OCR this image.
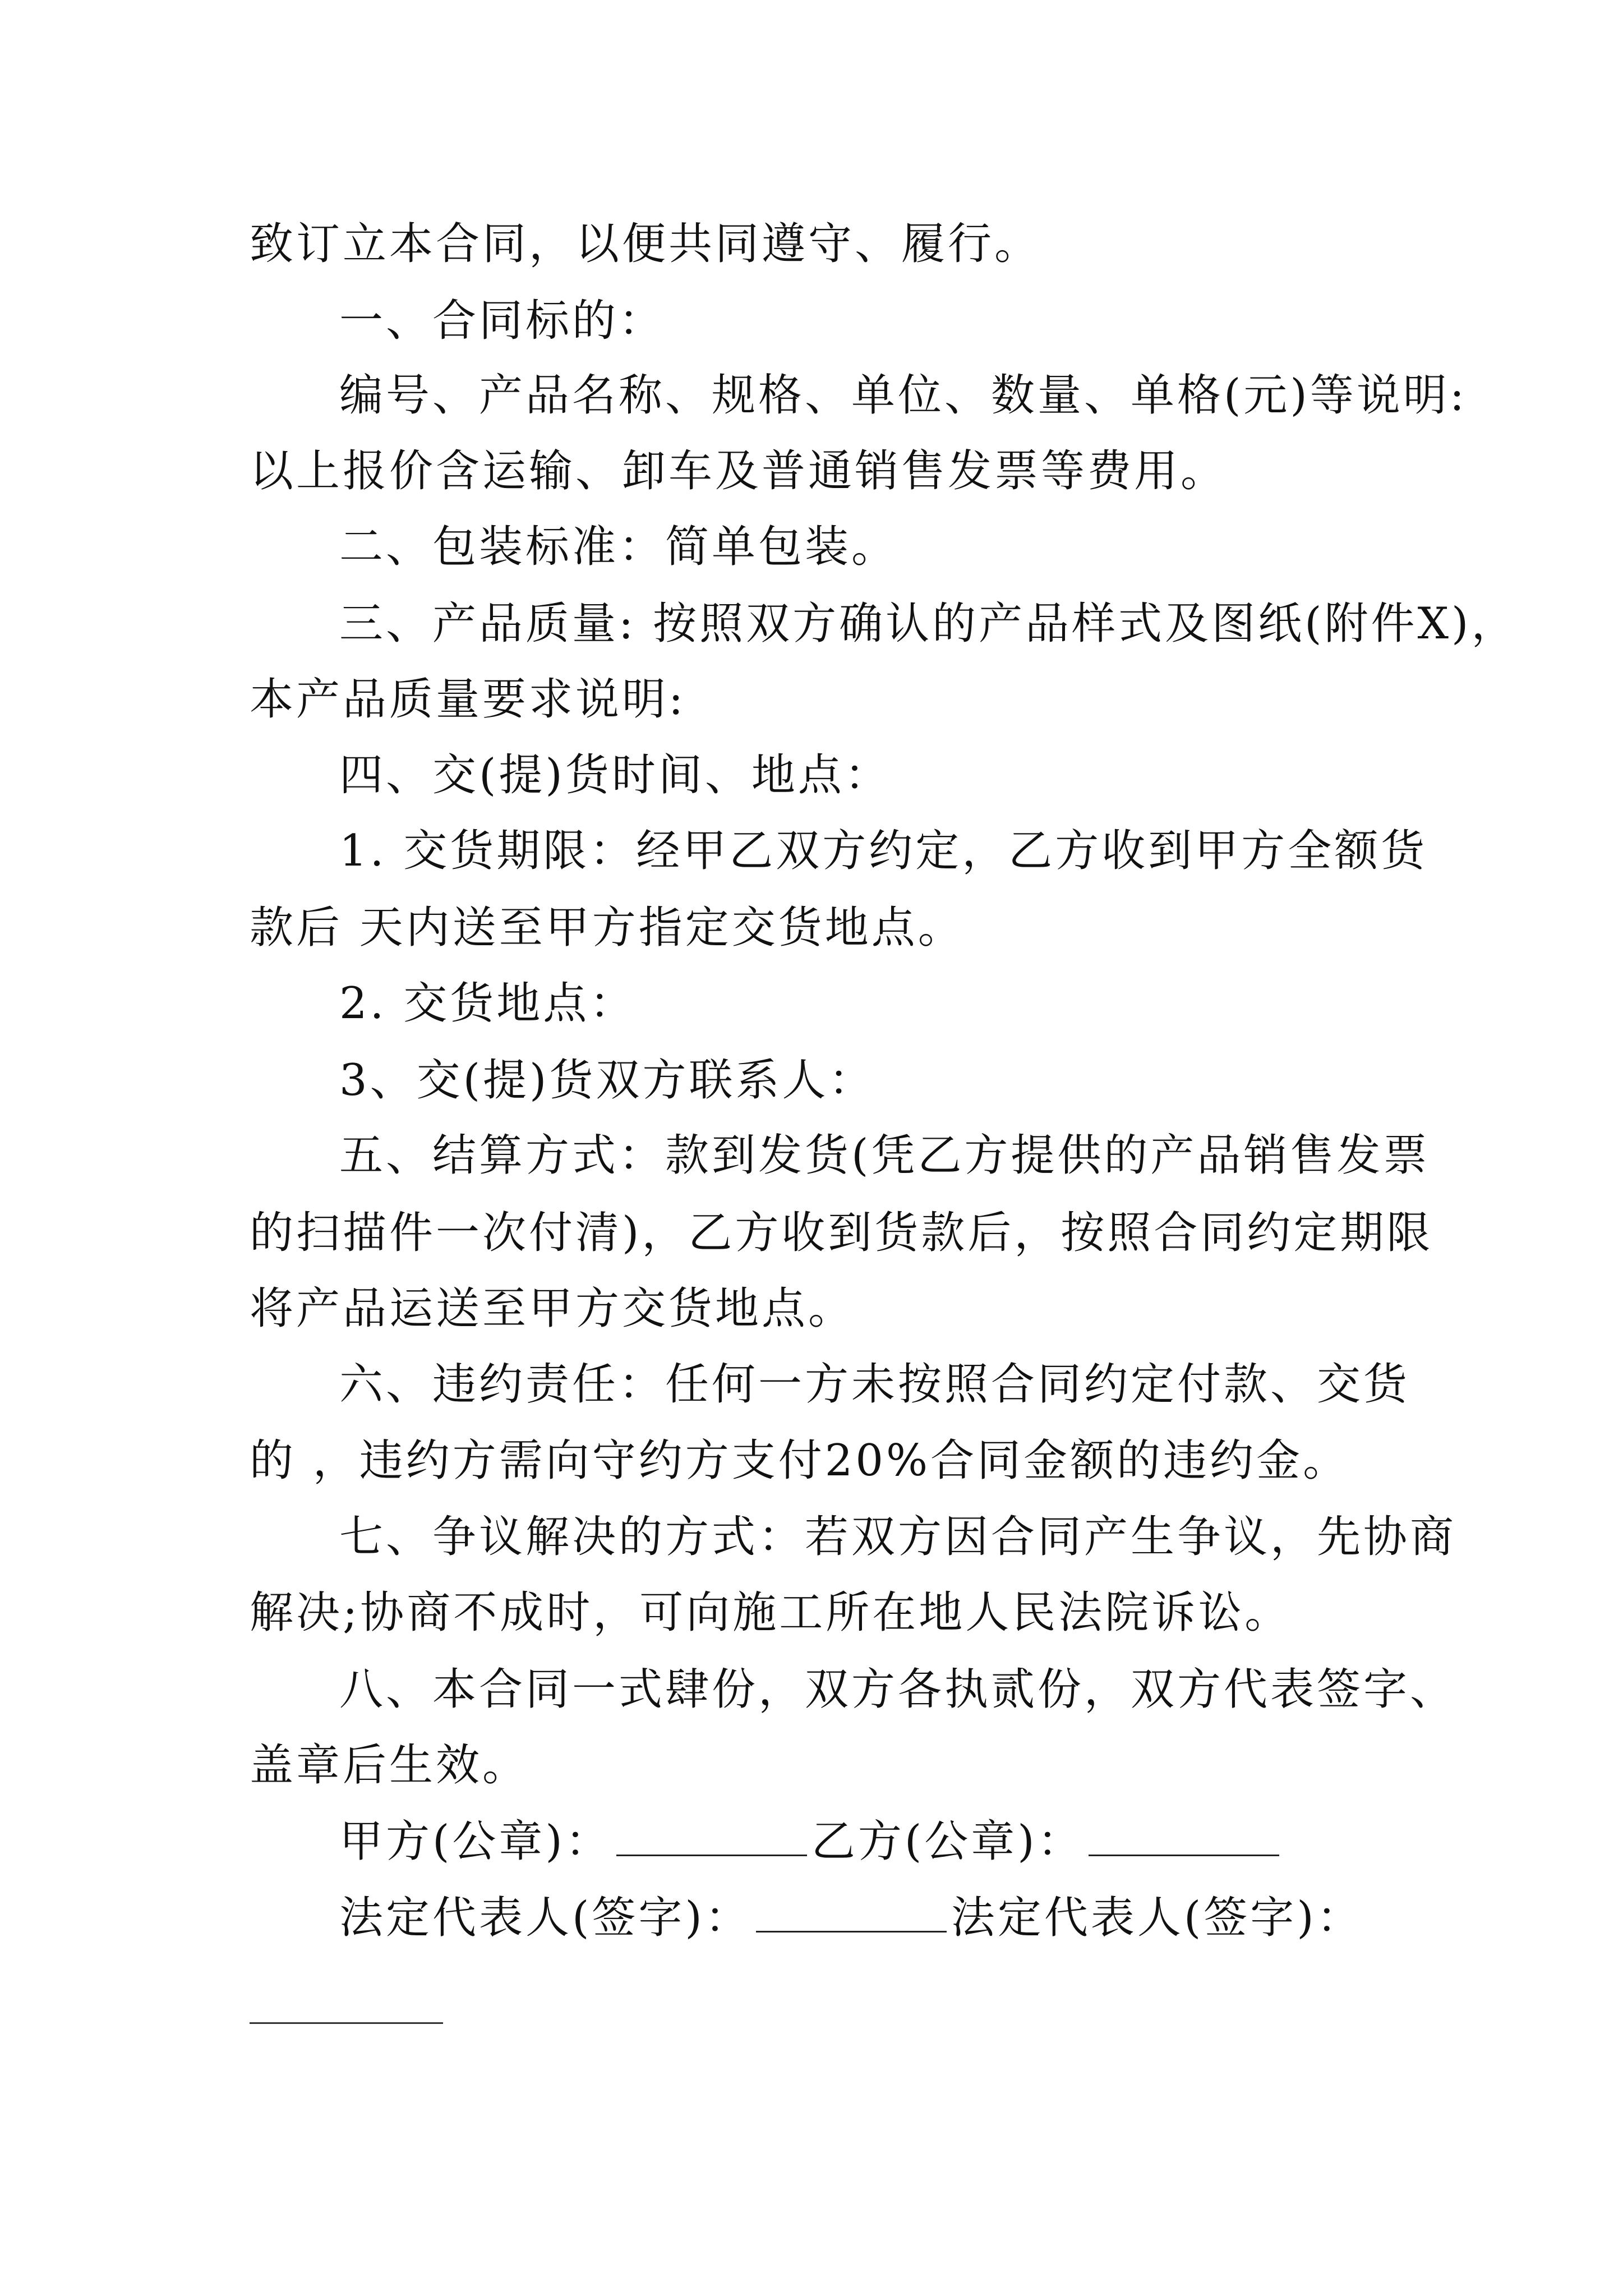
致订立本合同，以便共同遵守、履行。
一、合同标的：
编号、产品名称、规格、单位、数量、单格(元)等说明:
以上报价含运输、卸车及普通销售发票等费用。
二、包装标准：简单包装。
三、产品质量: 按照双方确认的产品样式及图纸(附件X)，
本产品质量要求说明:
四、交(提)货时间、地点：
1. 交货期限：经甲乙双方约定，乙方收到甲方全额货
款后 天内送至甲方指定交货地点。
2. 交货地点：
3、交(提)货双方联系人：
五、结算方式：款到发货(凭乙方提供的产品销售发票
的扫描件一次付清)，乙方收到货款后，按照合同约定期限
将产品运送至甲方交货地点。
六、违约责任：任何一方未按照合同约定付款、交货
的 ，违约方需向守约方支付20%合同金额的违约金。
七、争议解决的方式：若双方因合同产生争议，先协商
解决;协商不成时，可向施工所在地人民法院诉讼。
八、本合同一式肆份，双方各执贰份，双方代表签字、
盖章后生效。
甲方(公章)：	乙方(公章)：
法定代表人(签字)：	法定代表人(签字)：
